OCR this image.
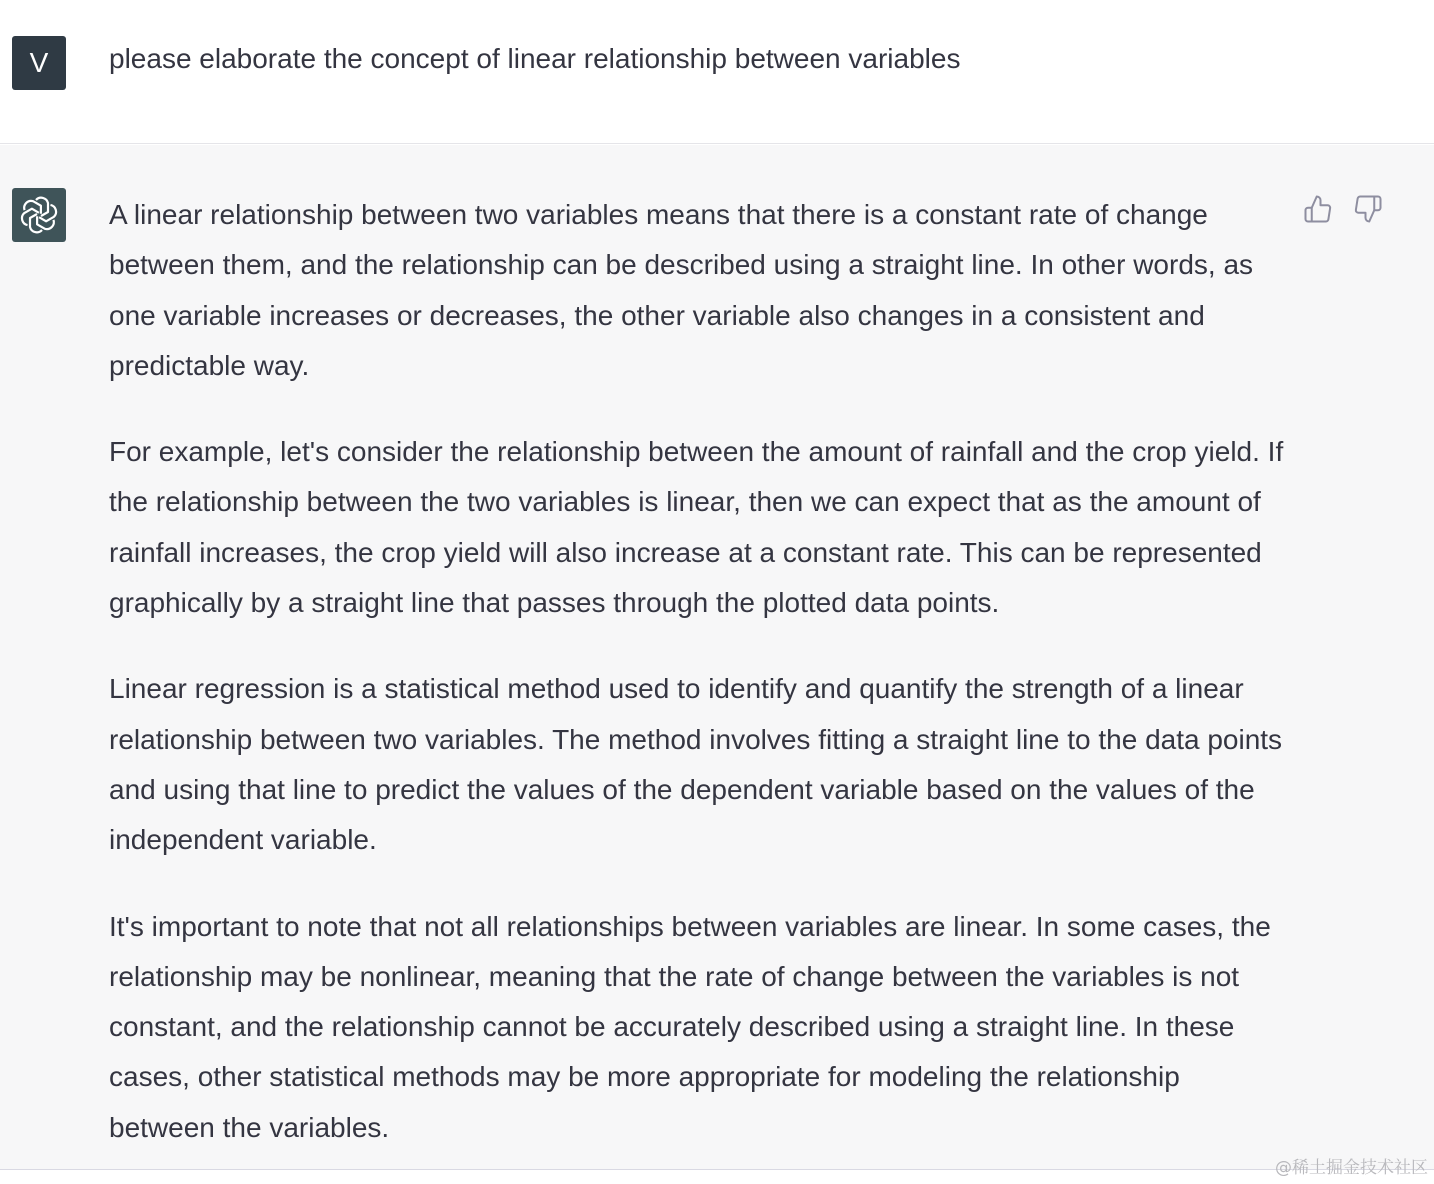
V please elaborate the concept of linear relationship between variables

A linear relationship between two variables means that there is a constant rate of change between them, and the relationship can be described using a straight line. In other words, as one variable increases or decreases, the other variable also changes in a consistent and predictable way.

For example, let's consider the relationship between the amount of rainfall and the crop yield. If the relationship between the two variables is linear, then we can expect that as the amount of rainfall increases, the crop yield will also increase at a constant rate. This can be represented graphically by a straight line that passes through the plotted data points.

Linear regression is a statistical method used to identify and quantify the strength of a linear relationship between two variables. The method involves fitting a straight line to the data points and using that line to predict the values of the dependent variable based on the values of the independent variable.

It's important to note that not all relationships between variables are linear. In some cases, the relationship may be nonlinear, meaning that the rate of change between the variables is not constant, and the relationship cannot be accurately described using a straight line. In these cases, other statistical methods may be more appropriate for modeling the relationship between the variables.

@稀土掘金技术社区
